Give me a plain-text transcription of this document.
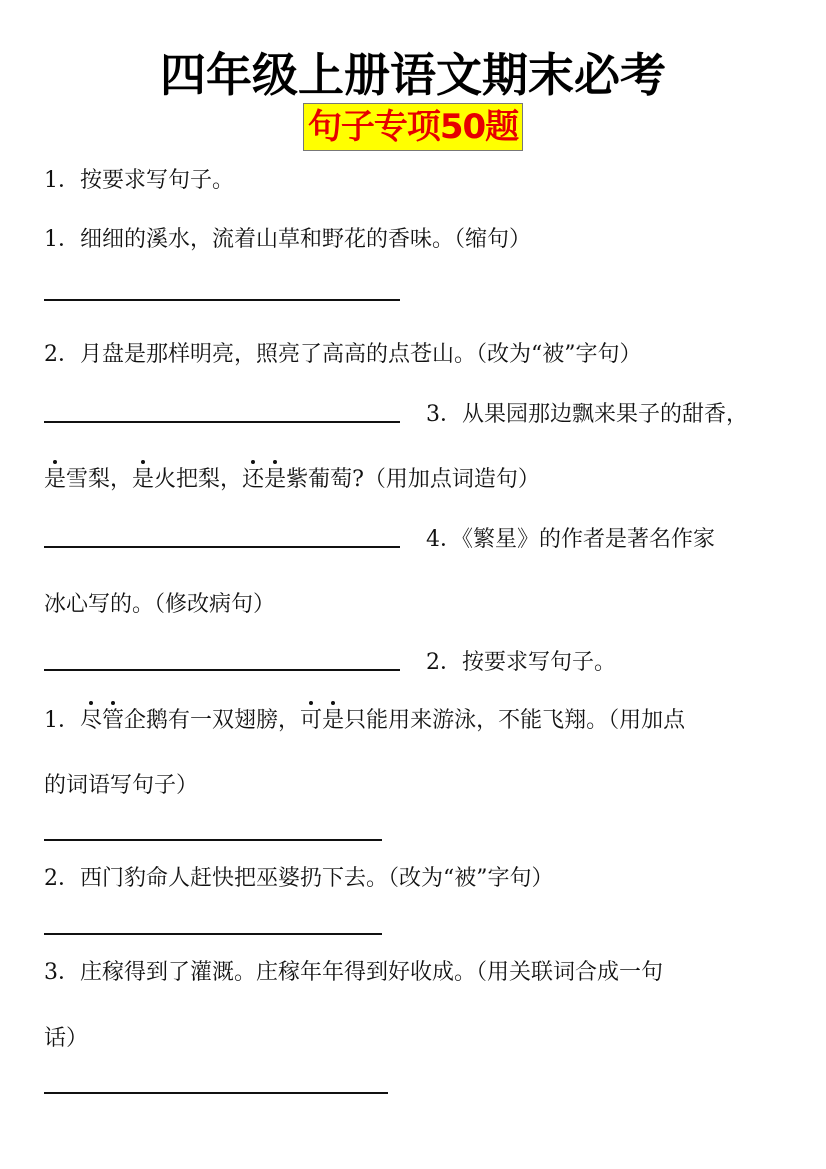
四年级上册语文期末必考
句子专项50题

1．按要求写句子。

1．细细的溪水，流着山草和野花的香味。（缩句）

2．月盘是那样明亮，照亮了高高的点苍山。（改为“被”字句）

3．从果园那边飘来果子的甜香，

是雪梨，是火把梨，还是紫葡萄?（用加点词造句）

4．《繁星》的作者是著名作家

冰心写的。（修改病句）

2．按要求写句子。

1．尽管企鹅有一双翅膀，可是只能用来游泳，不能飞翔。（用加点

的词语写句子）

2．西门豹命人赶快把巫婆扔下去。（改为“被”字句）

3．庄稼得到了灌溉。庄稼年年得到好收成。（用关联词合成一句

话）
